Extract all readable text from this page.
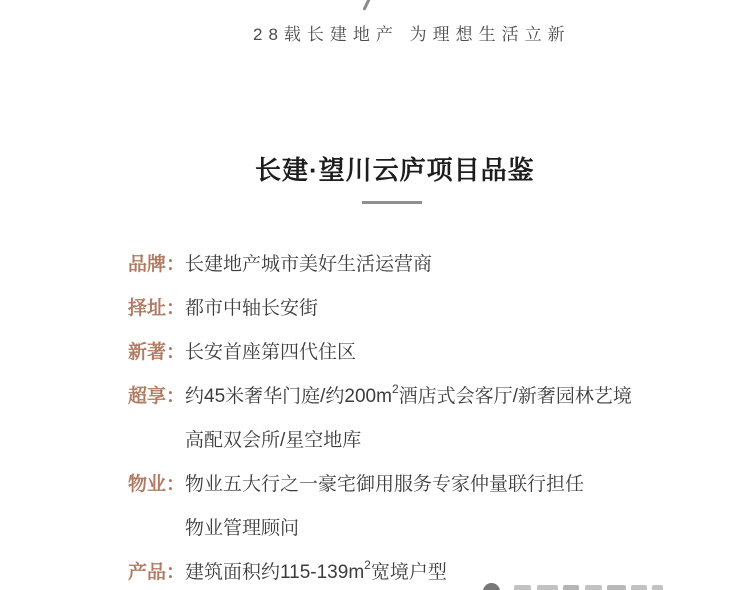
28载长建地产 为理想生活立新
长建·望川云庐项目品鉴
品牌： 长建地产城市美好生活运营商
择址： 都市中轴长安街
新著： 长安首座第四代住区
超享： 约45米奢华门庭/约$200m^2$酒店式会客厅/新奢园林艺境
高配双会所/星空地库
物业： 物业五大行之一豪宅御用服务专家仲量联行担任
物业管理顾问
产品： 建筑面积约$115-139m^2$宽境户型
